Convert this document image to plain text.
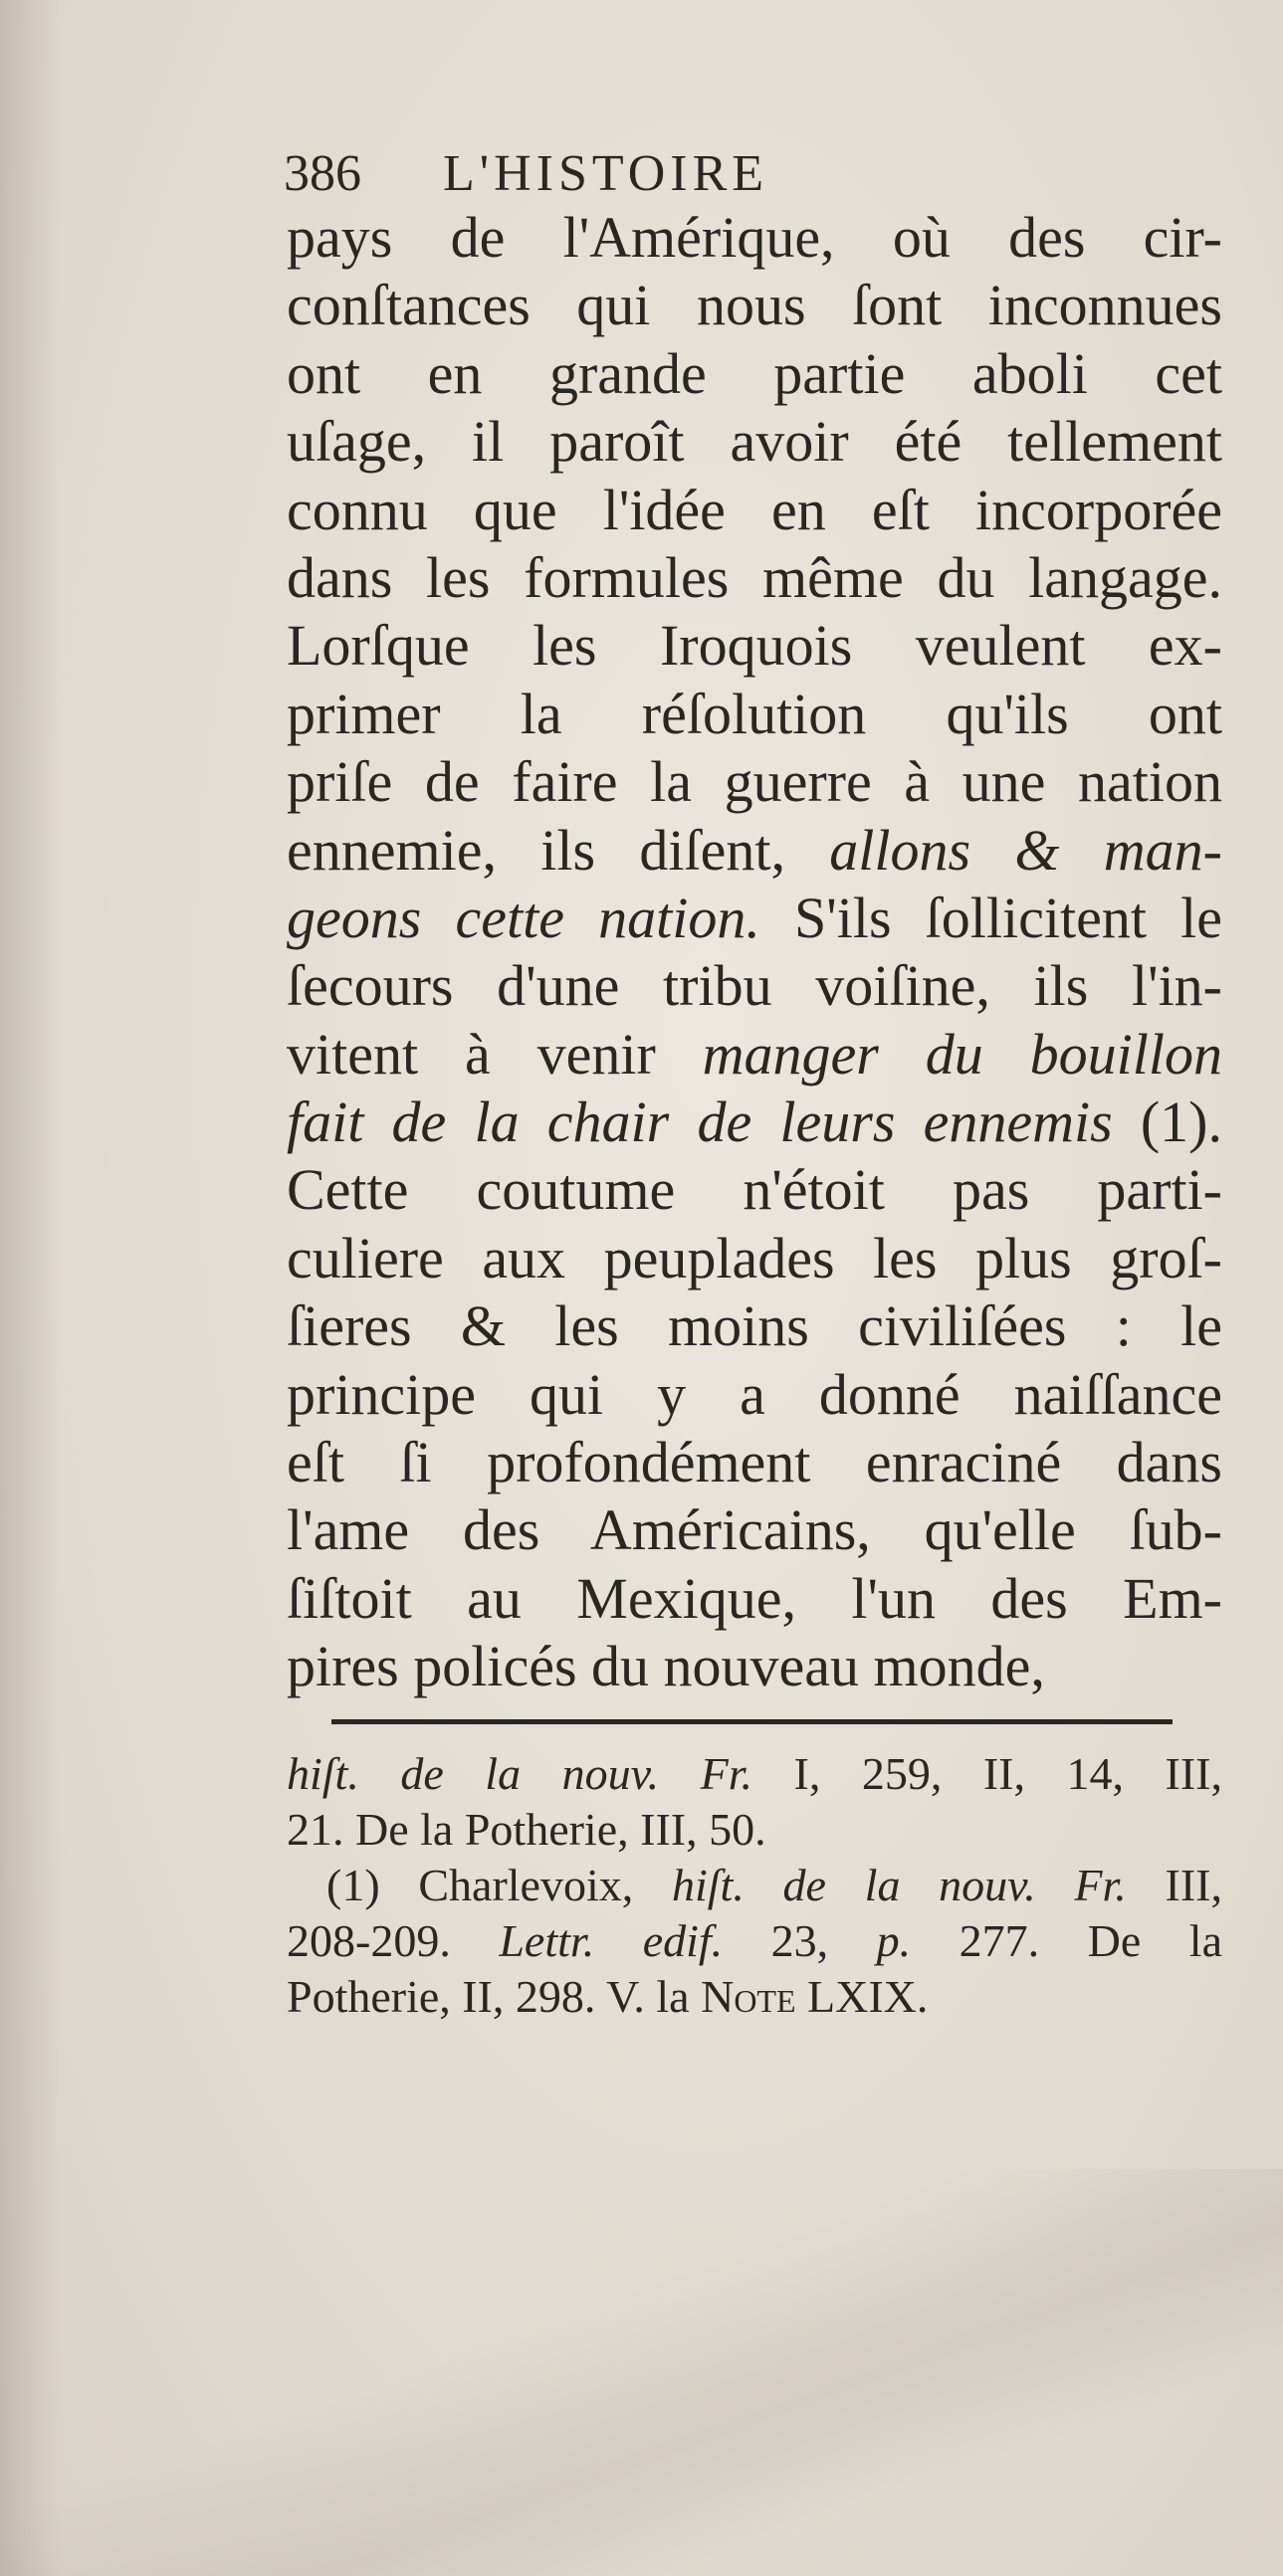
386 L'HISTOIRE
pays de l'Amérique, où des cir-
conſtances qui nous ſont inconnues
ont en grande partie aboli cet
uſage, il paroît avoir été tellement
connu que l'idée en eſt incorporée
dans les formules même du langage.
Lorſque les Iroquois veulent ex-
primer la réſolution qu'ils ont
priſe de faire la guerre à une nation
ennemie, ils diſent, allons & man-
geons cette nation. S'ils ſollicitent le
ſecours d'une tribu voiſine, ils l'in-
vitent à venir manger du bouillon
fait de la chair de leurs ennemis (1).
Cette coutume n'étoit pas parti-
culiere aux peuplades les plus groſ-
ſieres & les moins civiliſées : le
principe qui y a donné naiſſance
eſt ſi profondément enraciné dans
l'ame des Américains, qu'elle ſub-
ſiſtoit au Mexique, l'un des Em-
pires policés du nouveau monde,
hiſt. de la nouv. Fr. I, 259, II, 14, III,
21. De la Potherie, III, 50.
(1) Charlevoix, hiſt. de la nouv. Fr. III,
208-209. Lettr. edif. 23, p. 277. De la
Potherie, II, 298. V. la Note LXIX.
